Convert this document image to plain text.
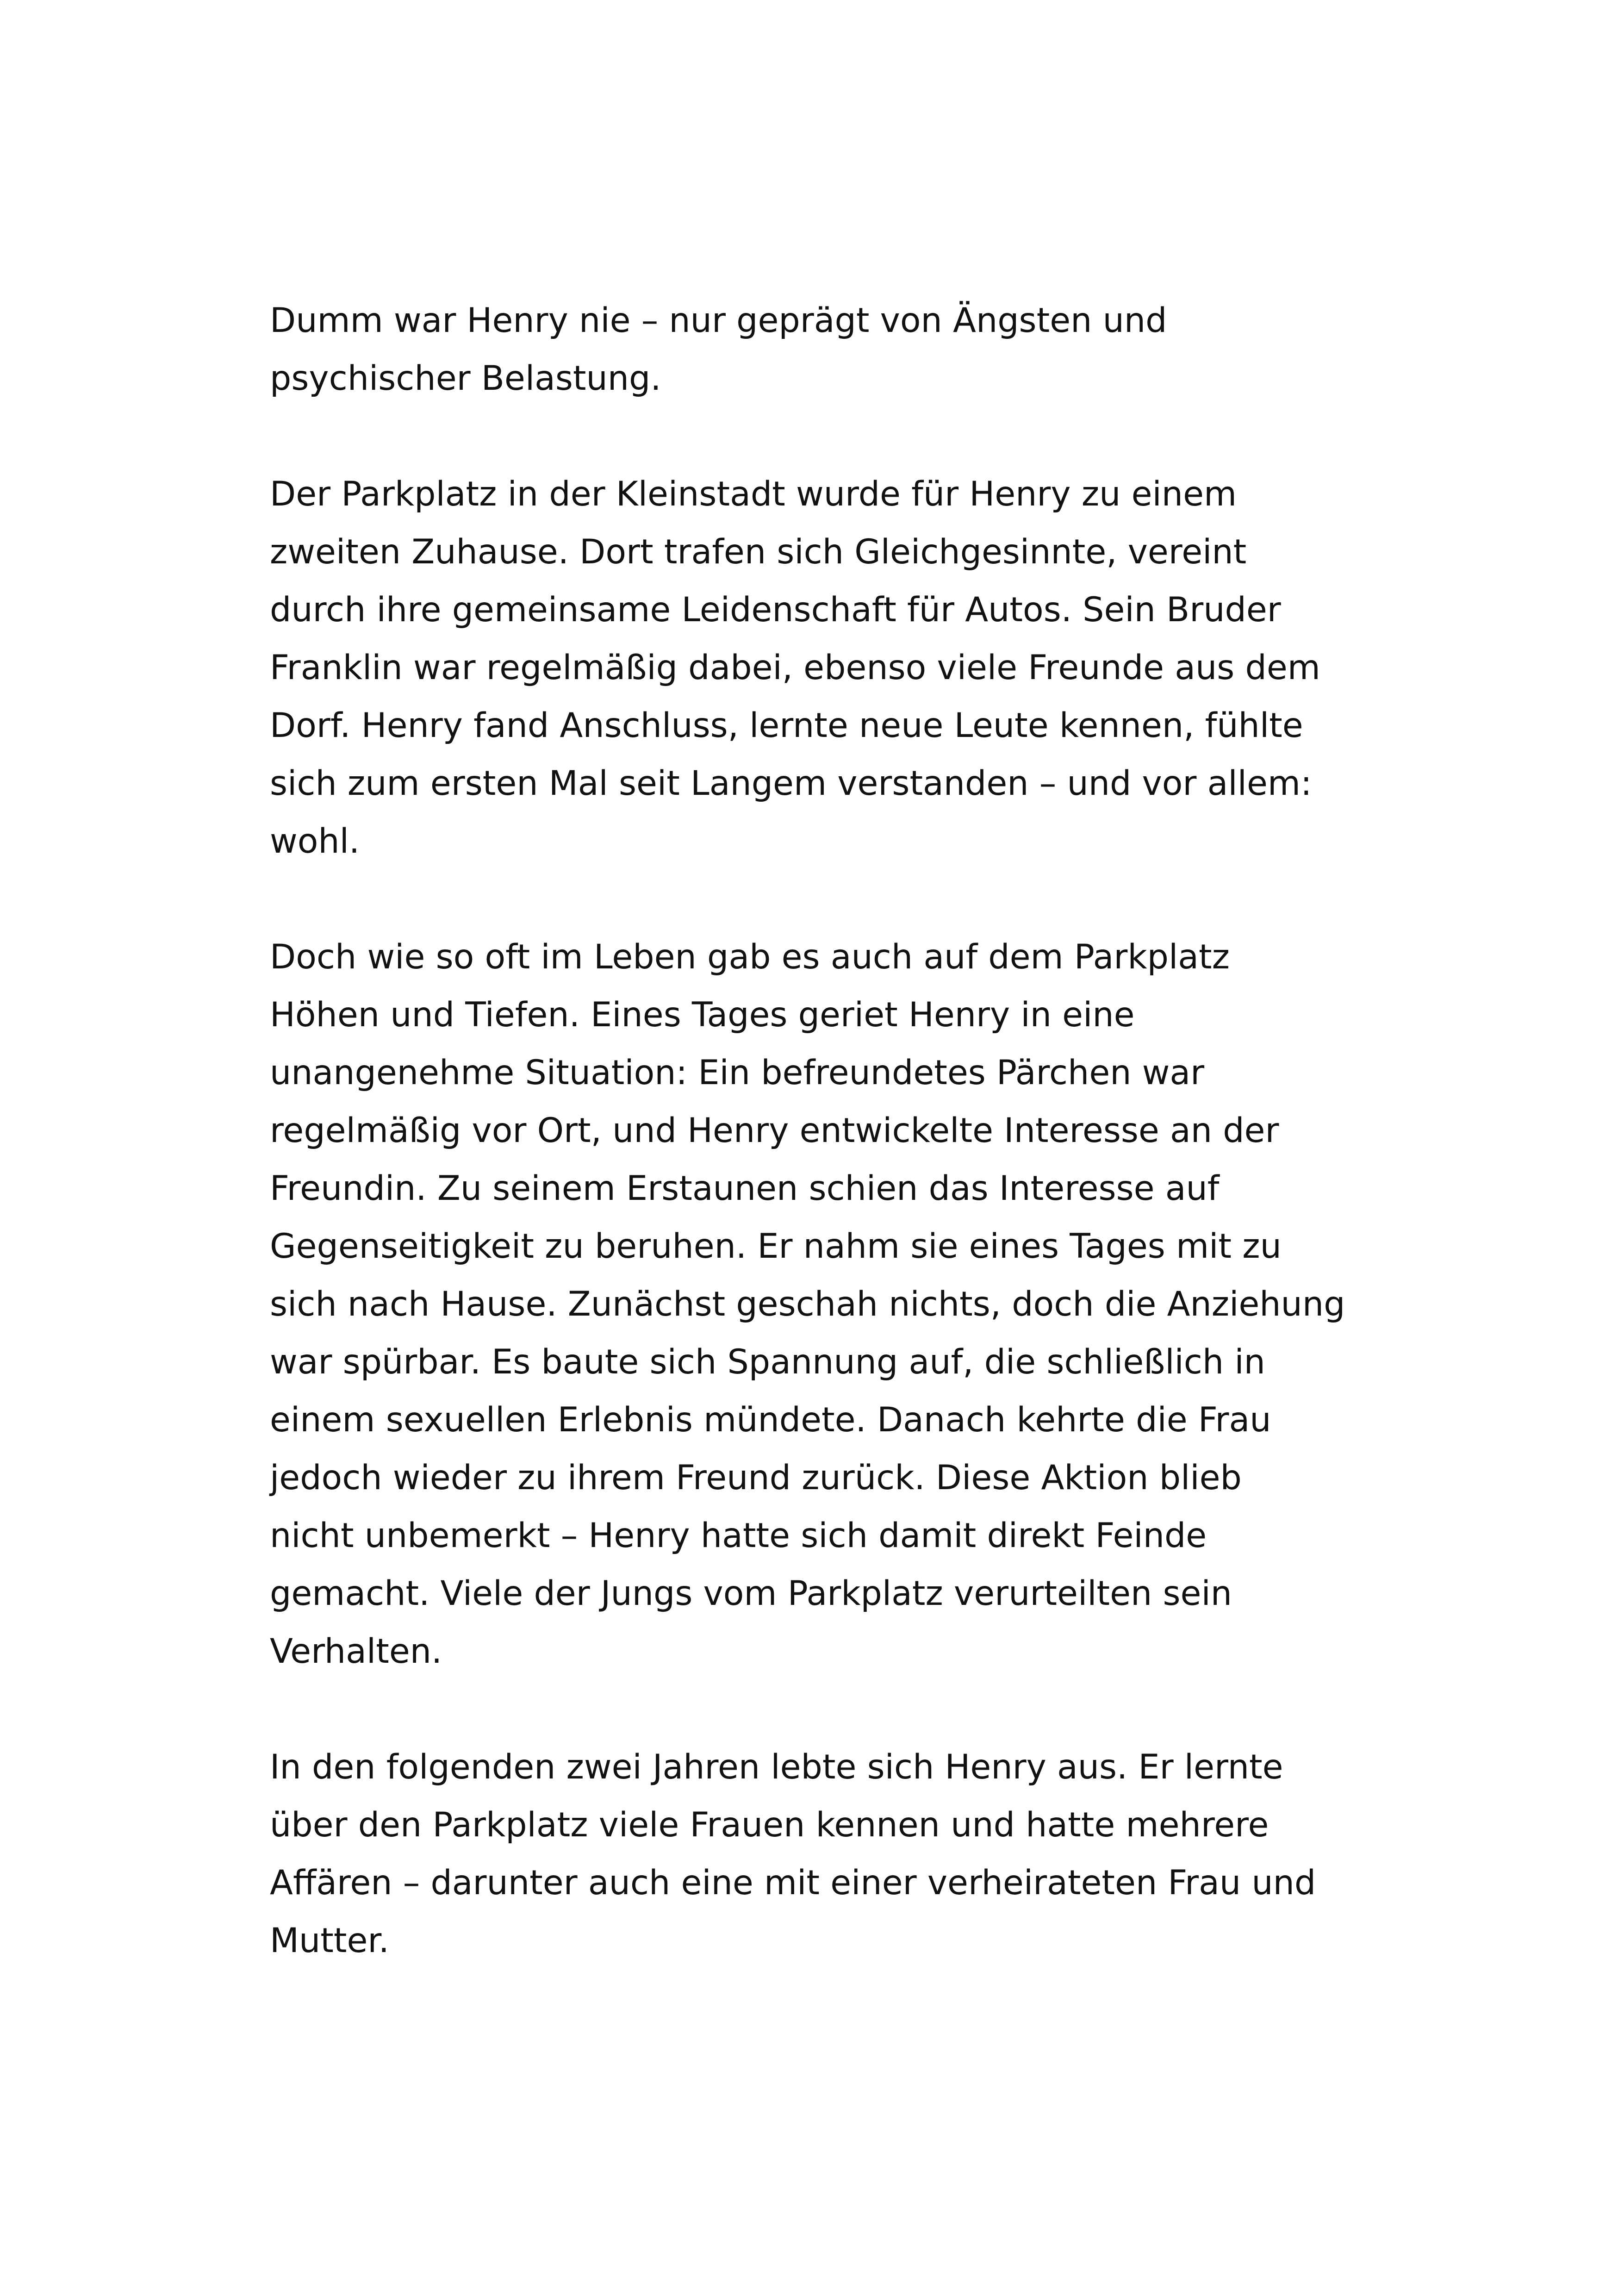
Dumm war Henry nie – nur geprägt von Ängsten und
psychischer Belastung.

Der Parkplatz in der Kleinstadt wurde für Henry zu einem
zweiten Zuhause. Dort trafen sich Gleichgesinnte, vereint
durch ihre gemeinsame Leidenschaft für Autos. Sein Bruder
Franklin war regelmäßig dabei, ebenso viele Freunde aus dem
Dorf. Henry fand Anschluss, lernte neue Leute kennen, fühlte
sich zum ersten Mal seit Langem verstanden – und vor allem:
wohl.

Doch wie so oft im Leben gab es auch auf dem Parkplatz
Höhen und Tiefen. Eines Tages geriet Henry in eine
unangenehme Situation: Ein befreundetes Pärchen war
regelmäßig vor Ort, und Henry entwickelte Interesse an der
Freundin. Zu seinem Erstaunen schien das Interesse auf
Gegenseitigkeit zu beruhen. Er nahm sie eines Tages mit zu
sich nach Hause. Zunächst geschah nichts, doch die Anziehung
war spürbar. Es baute sich Spannung auf, die schließlich in
einem sexuellen Erlebnis mündete. Danach kehrte die Frau
jedoch wieder zu ihrem Freund zurück. Diese Aktion blieb
nicht unbemerkt – Henry hatte sich damit direkt Feinde
gemacht. Viele der Jungs vom Parkplatz verurteilten sein
Verhalten.

In den folgenden zwei Jahren lebte sich Henry aus. Er lernte
über den Parkplatz viele Frauen kennen und hatte mehrere
Affären – darunter auch eine mit einer verheirateten Frau und
Mutter.
